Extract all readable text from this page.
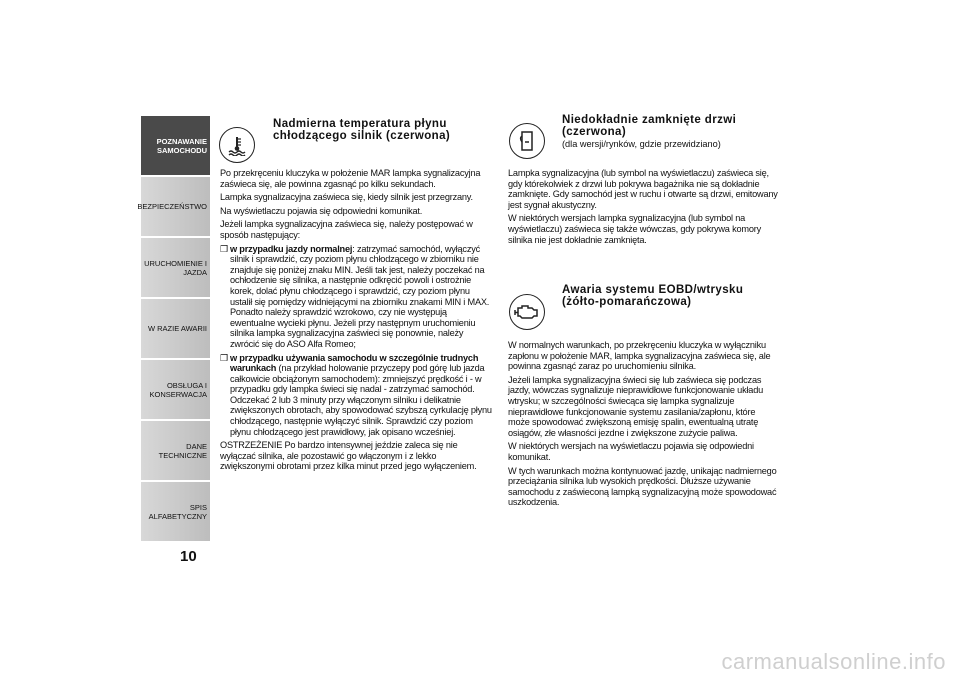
POZNAWANIE
SAMOCHODU
BEZPIECZEŃSTWO
URUCHOMIENIE I
JAZDA
W RAZIE AWARII
OBSŁUGA I
KONSERWACJA
DANE TECHNICZNE
SPIS ALFABETYCZNY
10
Nadmierna temperatura płynu chłodzącego silnik (czerwona)

Po przekręceniu kluczyka w położenie MAR lampka sygnalizacyjna zaświeca się, ale powinna zgasnąć po kilku sekundach.

Lampka sygnalizacyjna zaświeca się, kiedy silnik jest przegrzany.

Na wyświetlaczu pojawia się odpowiedni komunikat.

Jeżeli lampka sygnalizacyjna zaświeca się, należy postępować w sposób następujący:

❒ w przypadku jazdy normalnej: zatrzymać samochód, wyłączyć silnik i sprawdzić, czy poziom płynu chłodzącego w zbiorniku nie znajduje się poniżej znaku MIN. Jeśli tak jest, należy poczekać na ochłodzenie się silnika, a następnie odkręcić powoli i ostrożnie korek, dolać płynu chłodzącego i sprawdzić, czy poziom płynu ustalił się pomiędzy widniejącymi na zbiorniku znakami MIN i MAX. Ponadto należy sprawdzić wzrokowo, czy nie występują ewentualne wycieki płynu. Jeżeli przy następnym uruchomieniu silnika lampka sygnalizacyjna zaświeci się ponownie, należy zwrócić się do ASO Alfa Romeo;

❒ w przypadku używania samochodu w szczególnie trudnych warunkach (na przykład holowanie przyczepy pod górę lub jazda całkowicie obciążonym samochodem): zmniejszyć prędkość i - w przypadku gdy lampka świeci się nadal - zatrzymać samochód. Odczekać 2 lub 3 minuty przy włączonym silniku i delikatnie zwiększonych obrotach, aby spowodować szybszą cyrkulację płynu chłodzącego, następnie wyłączyć silnik. Sprawdzić czy poziom płynu chłodzącego jest prawidłowy, jak opisano wcześniej.

OSTRZEŻENIE Po bardzo intensywnej jeździe zaleca się nie wyłączać silnika, ale pozostawić go włączonym i z lekko zwiększonymi obrotami przez kilka minut przed jego wyłączeniem.

Niedokładnie zamknięte drzwi (czerwona)
(dla wersji/rynków, gdzie przewidziano)

Lampka sygnalizacyjna (lub symbol na wyświetlaczu) zaświeca się, gdy którekolwiek z drzwi lub pokrywa bagażnika nie są dokładnie zamknięte. Gdy samochód jest w ruchu i otwarte są drzwi, emitowany jest sygnał akustyczny.

W niektórych wersjach lampka sygnalizacyjna (lub symbol na wyświetlaczu) zaświeca się także wówczas, gdy pokrywa komory silnika nie jest dokładnie zamknięta.

Awaria systemu EOBD/wtrysku (żółto-pomarańczowa)

W normalnych warunkach, po przekręceniu kluczyka w wyłączniku zapłonu w położenie MAR, lampka sygnalizacyjna zaświeca się, ale powinna zgasnąć zaraz po uruchomieniu silnika.

Jeżeli lampka sygnalizacyjna świeci się lub zaświeca się podczas jazdy, wówczas sygnalizuje nieprawidłowe funkcjonowanie układu wtrysku; w szczególności świecąca się lampka sygnalizuje nieprawidłowe funkcjonowanie systemu zasilania/zapłonu, które może spowodować zwiększoną emisję spalin, ewentualną utratę osiągów, złe własności jezdne i zwiększone zużycie paliwa.

W niektórych wersjach na wyświetlaczu pojawia się odpowiedni komunikat.

W tych warunkach można kontynuować jazdę, unikając nadmiernego przeciążania silnika lub wysokich prędkości. Dłuższe używanie samochodu z zaświeconą lampką sygnalizacyjną może spowodować uszkodzenia.

carmanualsonline.info
